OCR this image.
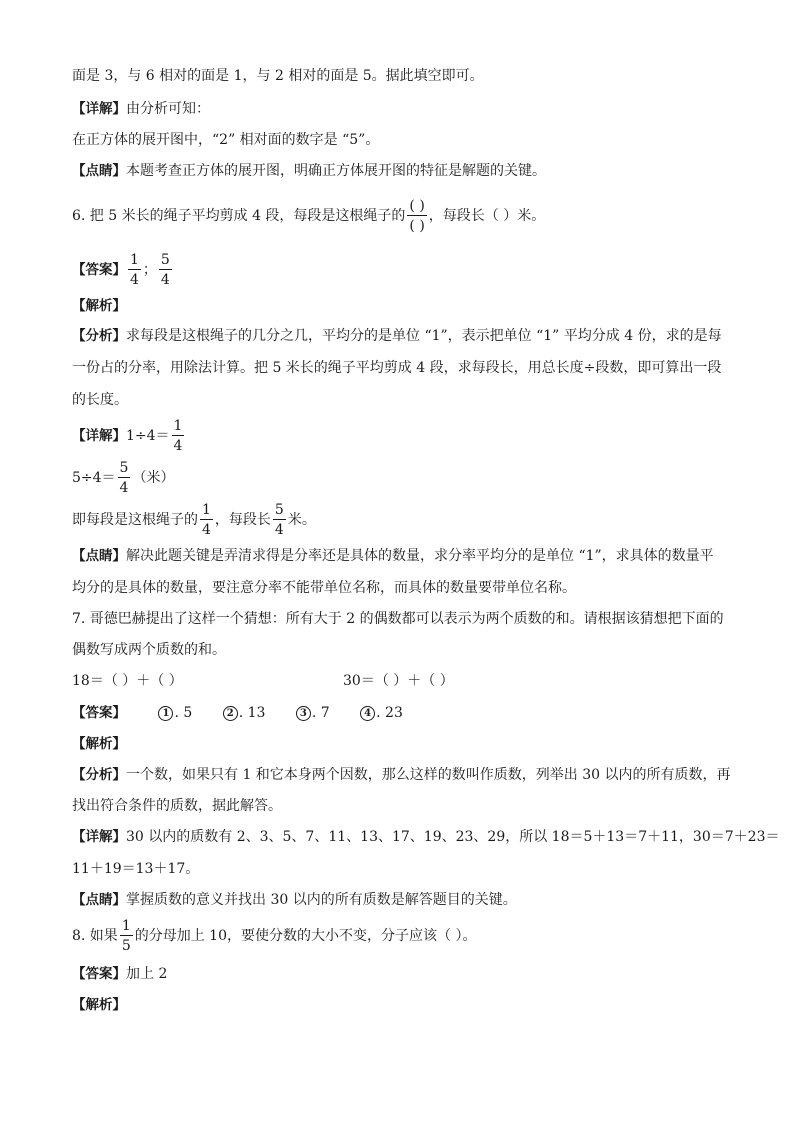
面是 3，与 6 相对的面是 1，与 2 相对的面是 5。据此填空即可。
【详解】由分析可知：
在正方体的展开图中，“2” 相对面的数字是 “5”。
【点睛】本题考查正方体的展开图，明确正方体展开图的特征是解题的关键。
6. 把 5 米长的绳子平均剪成 4 段，每段是这根绳子的 $\frac{( )}{( )}$ ，每段长（ ）米。
【答案】 $\frac{1}{4}$ ； $\frac{5}{4}$
【解析】
【分析】求每段是这根绳子的几分之几，平均分的是单位 “1”，表示把单位 “1” 平均分成 4 份，求的是每
一份占的分率，用除法计算。把 5 米长的绳子平均剪成 4 段，求每段长，用总长度÷段数，即可算出一段
的长度。
【详解】$1\div 4= \frac{1}{4}$
$5\div 4= \frac{5}{4}$ （米）
即每段是这根绳子的 $\frac{1}{4}$ ，每段长 $\frac{5}{4}$ 米。
【点睛】解决此题关键是弄清求得是分率还是具体的数量，求分率平均分的是单位 “1”，求具体的数量平
均分的是具体的数量，要注意分率不能带单位名称，而具体的数量要带单位名称。
7. 哥德巴赫提出了这样一个猜想：所有大于 2 的偶数都可以表示为两个质数的和。请根据该猜想把下面的
偶数写成两个质数的和。
18＝（ ）＋（ ）	30＝（ ）＋（ ）
【答案】	1 . 5	2 . 13	3 . 7	4 . 23
【解析】
【分析】一个数，如果只有 1 和它本身两个因数，那么这样的数叫作质数，列举出 30 以内的所有质数，再
找出符合条件的质数，据此解答。
【详解】30 以内的质数有 2、3、5、7、11、13、17、19、23、29，所以 18＝5＋13＝7＋11，30＝7＋23＝
11＋19＝13＋17。
【点睛】掌握质数的意义并找出 30 以内的所有质数是解答题目的关键。
8. 如果 $\frac{1}{5}$ 的分母加上 10，要使分数的大小不变，分子应该（ ）。
【答案】加上 2
【解析】
